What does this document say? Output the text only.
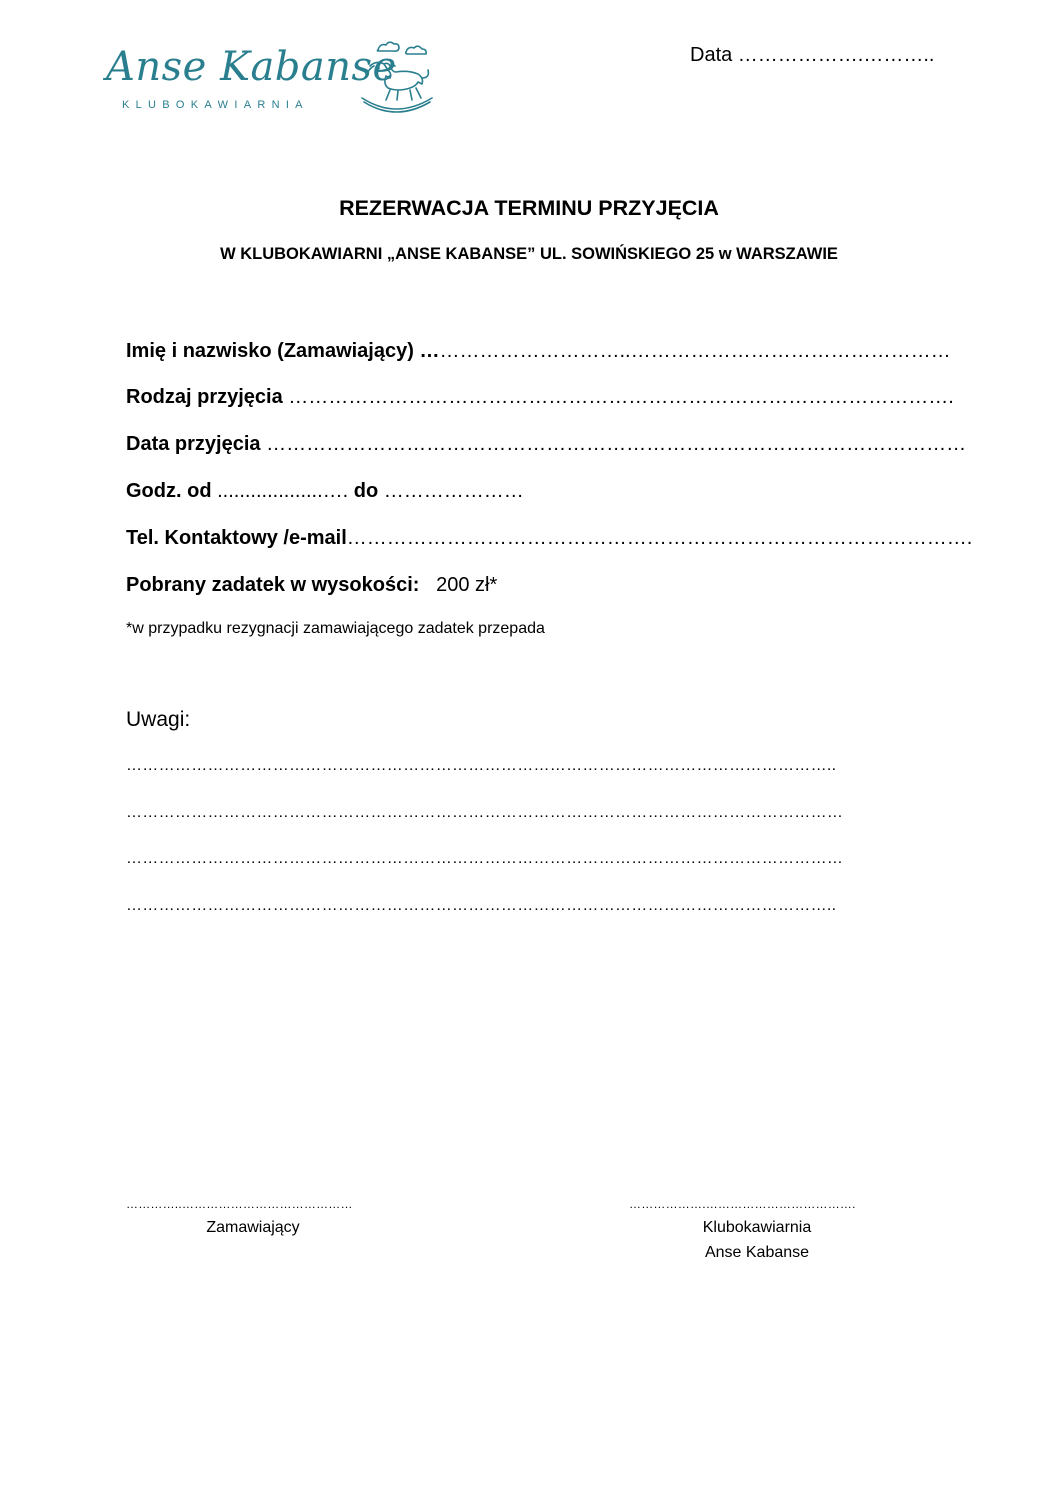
Anse Kabanse
KLUBOKAWIARNIA
Data ……………….………..
REZERWACJA TERMINU PRZYJĘCIA
W KLUBOKAWIARNI „ANSE KABANSE” UL. SOWIŃSKIEGO 25 w WARSZAWIE
Imię i nazwisko (Zamawiający) …………………………..…………………………………………
Rodzaj przyjęcia ……………………………………………………………………………………….
Data przyjęcia ……………………………………………………………………………………………
Godz. od ...................…. do …………………
Tel. Kontaktowy /e-mail………………………………………………………………………………….
Pobrany zadatek w wysokości: 200 zł*
*w przypadku rezygnacji zamawiającego zadatek przepada
Uwagi:
…………………………………………………………………………………………………………………..
……………………………………………………………………………………………………………………
……………………………………………………………………………………………………………………
…………………………………………………………………………………………………………………..
…………..……………………………………
Zamawiający
……………….……………………………….
Klubokawiarnia
Anse Kabanse
